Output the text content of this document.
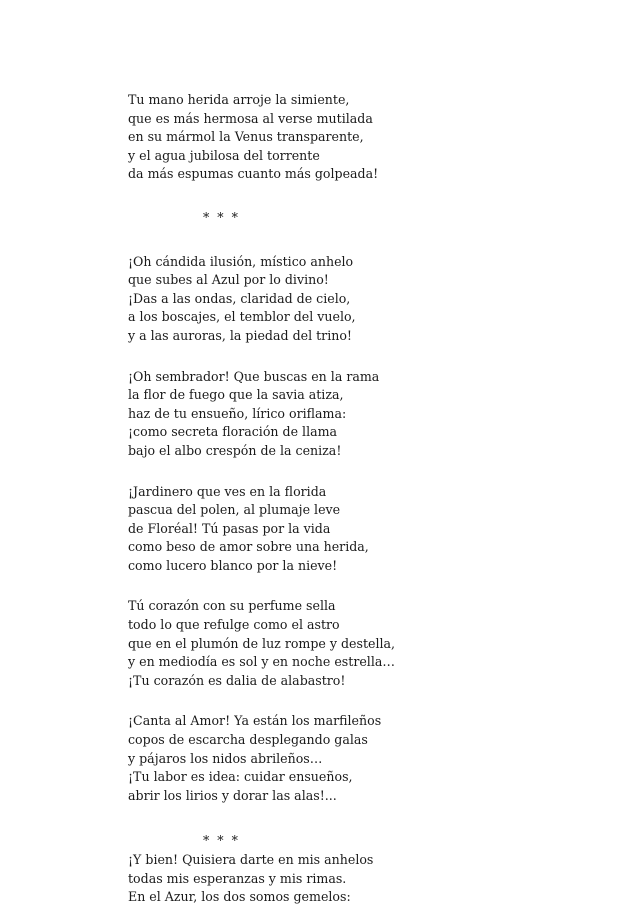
Tu mano herida arroje la simiente,
que es más hermosa al verse mutilada
en su mármol la Venus transparente,
y el agua jubilosa del torrente
da más espumas cuanto más golpeada!
* * *
¡Oh cándida ilusión, místico anhelo
que subes al Azul por lo divino!
¡Das a las ondas, claridad de cielo,
a los boscajes, el temblor del vuelo,
y a las auroras, la piedad del trino!
¡Oh sembrador! Que buscas en la rama
la flor de fuego que la savia atiza,
haz de tu ensueño, lírico oriflama:
¡como secreta floración de llama
bajo el albo crespón de la ceniza!
¡Jardinero que ves en la florida
pascua del polen, al plumaje leve
de Floréal! Tú pasas por la vida
como beso de amor sobre una herida,
como lucero blanco por la nieve!
Tú corazón con su perfume sella
todo lo que refulge como el astro
que en el plumón de luz rompe y destella,
y en mediodía es sol y en noche estrella…
¡Tu corazón es dalia de alabastro!
¡Canta al Amor! Ya están los marfileños
copos de escarcha desplegando galas
y pájaros los nidos abrileños…
¡Tu labor es idea: cuidar ensueños,
abrir los lirios y dorar las alas!...
* * *
¡Y bien! Quisiera darte en mis anhelos
todas mis esperanzas y mis rimas.
En el Azur, los dos somos gemelos:
